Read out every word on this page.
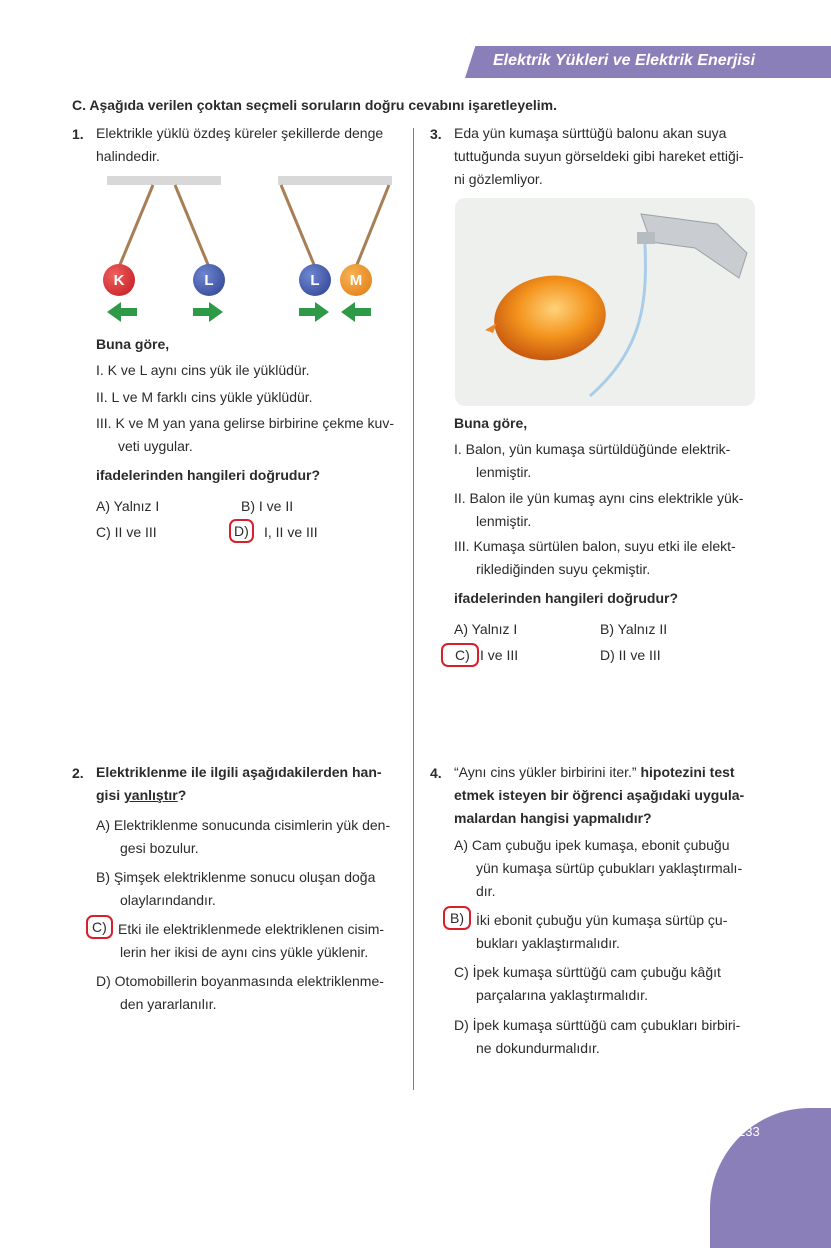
Elektrik Yükleri ve Elektrik Enerjisi
C. Aşağıda verilen çoktan seçmeli soruların doğru cevabını işaretleyelim.
1. Elektrikle yüklü özdeş küreler şekillerde denge halindedir.
K	L	L	M
Buna göre,
I. K ve L aynı cins yük ile yüklüdür.
II. L ve M farklı cins yükle yüklüdür.
III. K ve M yan yana gelirse birbirine çekme kuv-
veti uygular.
ifadelerinden hangileri doğrudur?
A) Yalnız I	B) I ve II
C) II ve III	D)	I, II ve III
2. Elektriklenme ile ilgili aşağıdakilerden han-
gisi yanlıştır?
A) Elektriklenme sonucunda cisimlerin yük den-
gesi bozulur.
B) Şimşek elektriklenme sonucu oluşan doğa
olaylarındandır.
C) Etki ile elektriklenmede elektriklenen cisim-
lerin her ikisi de aynı cins yükle yüklenir.
D) Otomobillerin boyanmasında elektriklenme-
den yararlanılır.
3. Eda yün kumaşa sürttüğü balonu akan suya
tuttuğunda suyun görseldeki gibi hareket ettiği-
ni gözlemliyor.
Buna göre,
I. Balon, yün kumaşa sürtüldüğünde elektrik-
lenmiştir.
II. Balon ile yün kumaş aynı cins elektrikle yük-
lenmiştir.
III. Kumaşa sürtülen balon, suyu etki ile elekt-
riklediğinden suyu çekmiştir.
ifadelerinden hangileri doğrudur?
A) Yalnız I	B) Yalnız II
C) I ve III	D) II ve III
4. “Aynı cins yükler birbirini iter.” hipotezini test
etmek isteyen bir öğrenci aşağıdaki uygula-
malardan hangisi yapmalıdır?
A) Cam çubuğu ipek kumaşa, ebonit çubuğu
yün kumaşa sürtüp çubukları yaklaştırmalı-
dır.
B) İki ebonit çubuğu yün kumaşa sürtüp çu-
bukları yaklaştırmalıdır.
C) İpek kumaşa sürttüğü cam çubuğu kâğıt
parçalarına yaklaştırmalıdır.
D) İpek kumaşa sürttüğü cam çubukları birbiri-
ne dokundurmalıdır.
233
